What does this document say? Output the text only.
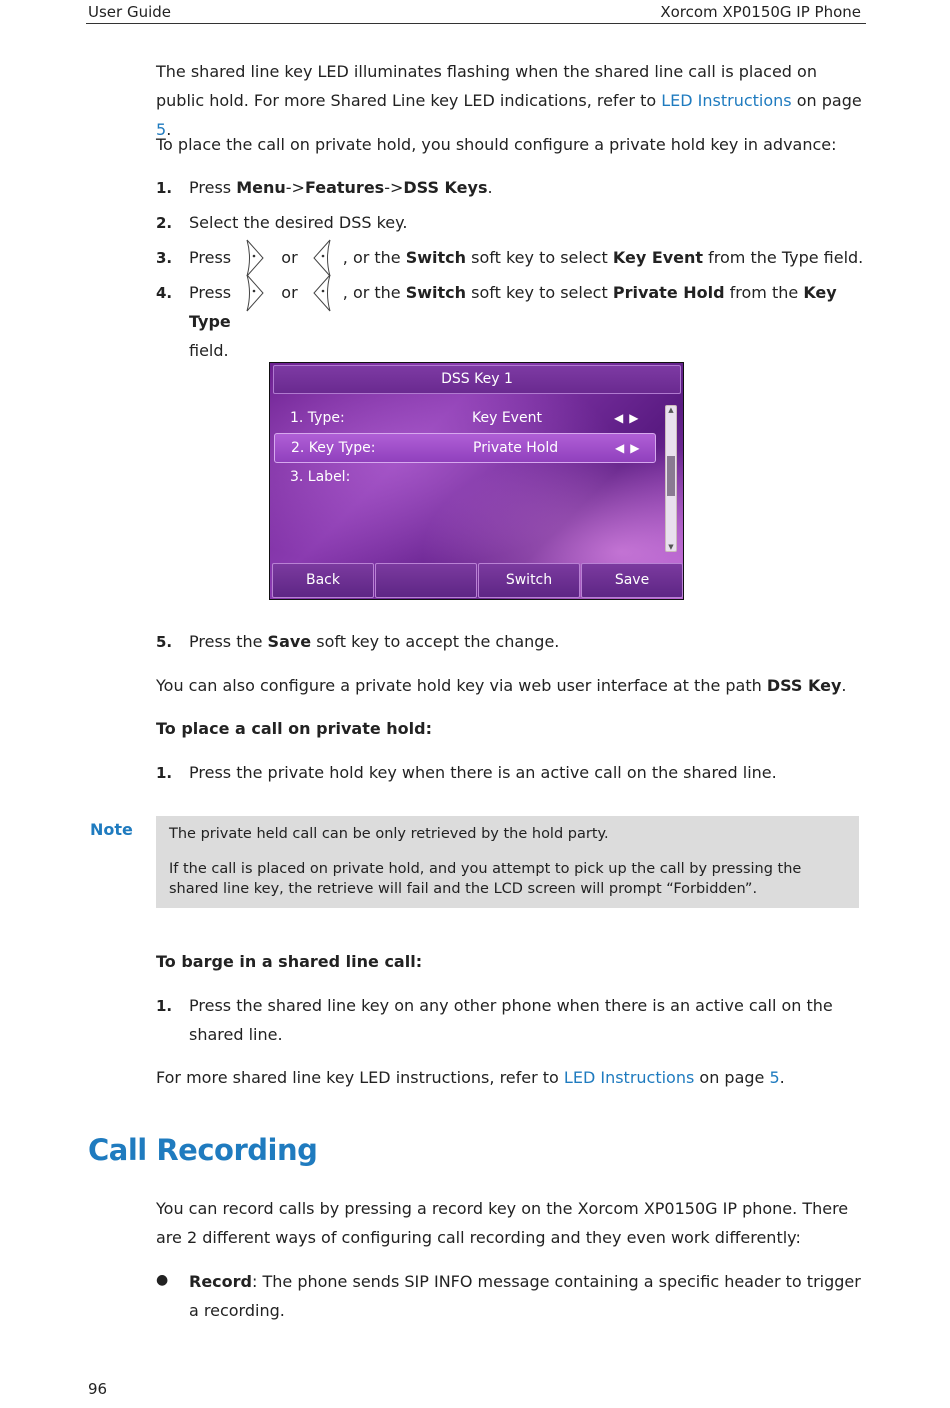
User Guide	Xorcom XP0150G IP Phone
The shared line key LED illuminates flashing when the shared line call is placed on public hold. For more Shared Line key LED indications, refer to LED Instructions on page 5.
To place the call on private hold, you should configure a private hold key in advance:
1. Press Menu->Features->DSS Keys.
2. Select the desired DSS key.
3. Press	or	, or the Switch soft key to select Key Event from the Type field.
4. Press	or	, or the Switch soft key to select Private Hold from the Key Type
field.
DSS Key 1
1. Type:	Key Event	◀▶
2. Key Type:	Private Hold	◀▶
3. Label:
▲
▼
Back	Switch	Save
5. Press the Save soft key to accept the change.
You can also configure a private hold key via web user interface at the path DSS Key.
To place a call on private hold:
1. Press the private hold key when there is an active call on the shared line.
Note The private held call can be only retrieved by the hold party.
If the call is placed on private hold, and you attempt to pick up the call by pressing the shared line key, the retrieve will fail and the LCD screen will prompt “Forbidden”.
To barge in a shared line call:
1. Press the shared line key on any other phone when there is an active call on the shared line.
For more shared line key LED instructions, refer to LED Instructions on page 5.
Call Recording
You can record calls by pressing a record key on the Xorcom XP0150G IP phone. There are 2 different ways of configuring call recording and they even work differently:
● Record: The phone sends SIP INFO message containing a specific header to trigger a recording.
96
